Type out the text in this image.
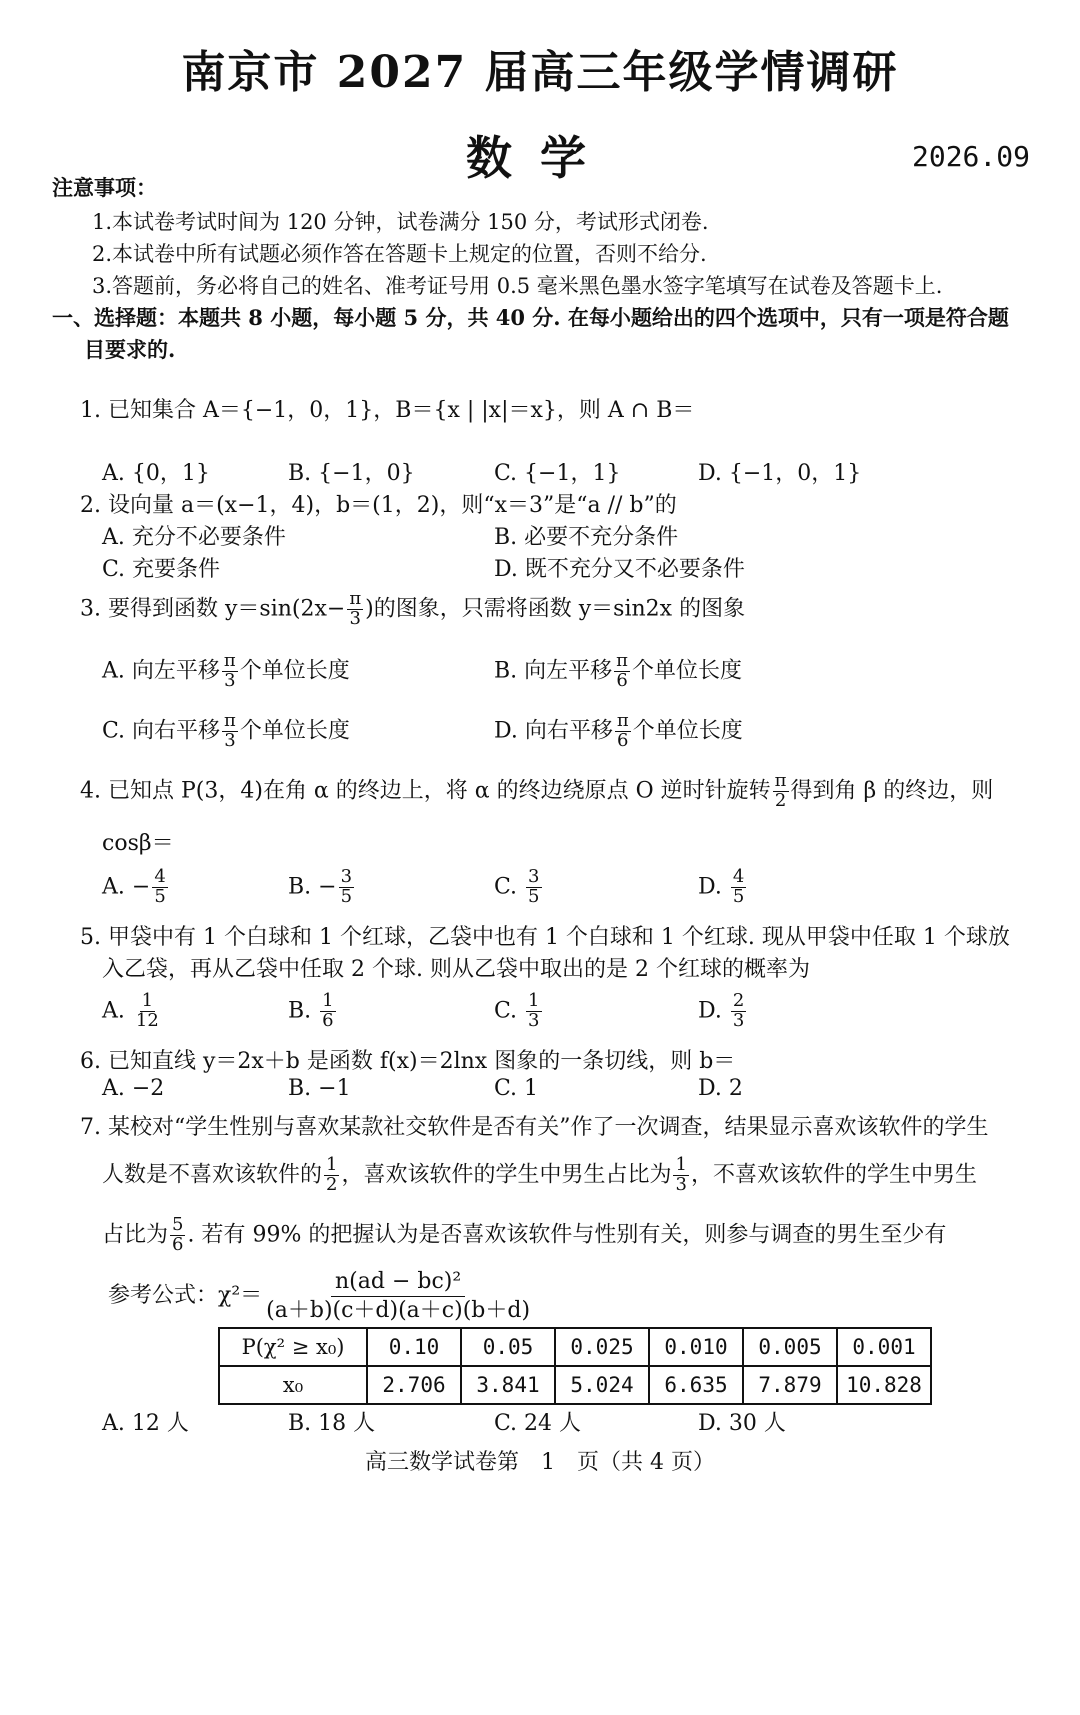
南京市 2027 届高三年级学情调研
数学	2026.09
注意事项：
1.本试卷考试时间为 120 分钟，试卷满分 150 分，考试形式闭卷.
2.本试卷中所有试题必须作答在答题卡上规定的位置，否则不给分.
3.答题前，务必将自己的姓名、准考证号用 0.5 毫米黑色墨水签字笔填写在试卷及答题卡上.
一、选择题：本题共 8 小题，每小题 5 分，共 40 分. 在每小题给出的四个选项中，只有一项是符合题
目要求的.
1. 已知集合 A＝{−1，0，1}，B＝{x | |x|＝x}，则 A ∩ B＝
A. {0，1}	B. {−1，0}	C. {−1，1}	D. {−1，0，1}
2. 设向量 a＝(x−1，4)，b＝(1，2)，则“x＝3”是“a // b”的
A. 充分不必要条件	B. 必要不充分条件
C. 充要条件	D. 既不充分又不必要条件
3. 要得到函数 $y=\sin(2x- \frac{\pi}{3}$ )的图象，只需将函数 y＝sin2x 的图象
A. 向左平移 $\frac{\pi}{3}$ 个单位长度	B. 向左平移 $\frac{\pi}{6}$ 个单位长度
C. 向右平移 $\frac{\pi}{3}$ 个单位长度	D. 向右平移 $\frac{\pi}{6}$ 个单位长度
4. 已知点 P(3，4)在角 α 的终边上，将 α 的终边绕原点 O 逆时针旋转 $\frac{\pi}{2}$ 得到角 β 的终边，则
cosβ＝
A. − $\frac{4}{5}$	B. − $\frac{3}{5}$	C. $\frac{3}{5}$	D. $\frac{4}{5}$
5. 甲袋中有 1 个白球和 1 个红球，乙袋中也有 1 个白球和 1 个红球. 现从甲袋中任取 1 个球放
入乙袋，再从乙袋中任取 2 个球. 则从乙袋中取出的是 2 个红球的概率为
A. $\frac{1}{12}$	B. $\frac{1}{6}$	C. $\frac{1}{3}$	D. $\frac{2}{3}$
6. 已知直线 y＝2x＋b 是函数 f(x)＝2lnx 图象的一条切线，则 b＝
A. −2	B. −1	C. 1	D. 2
7. 某校对“学生性别与喜欢某款社交软件是否有关”作了一次调查，结果显示喜欢该软件的学生
人数是不喜欢该软件的 $\frac{1}{2}$ ，喜欢该软件的学生中男生占比为 $\frac{1}{3}$ ，不喜欢该软件的学生中男生
占比为 $\frac{5}{6}$ . 若有 99% 的把握认为是否喜欢该软件与性别有关，则参与调查的男生至少有
参考公式：$\chi^2= \frac{\text{n(ad − bc)²}}{(a+b)(c+d)(a+c)(b+d)}$
P(χ² ≥ x₀)	0.10	0.05	0.025	0.010	0.005	0.001
x₀	2.706	3.841	5.024	6.635	7.879	10.828
A. 12 人	B. 18 人	C. 24 人	D. 30 人
高三数学试卷第　1　页（共 4 页）
